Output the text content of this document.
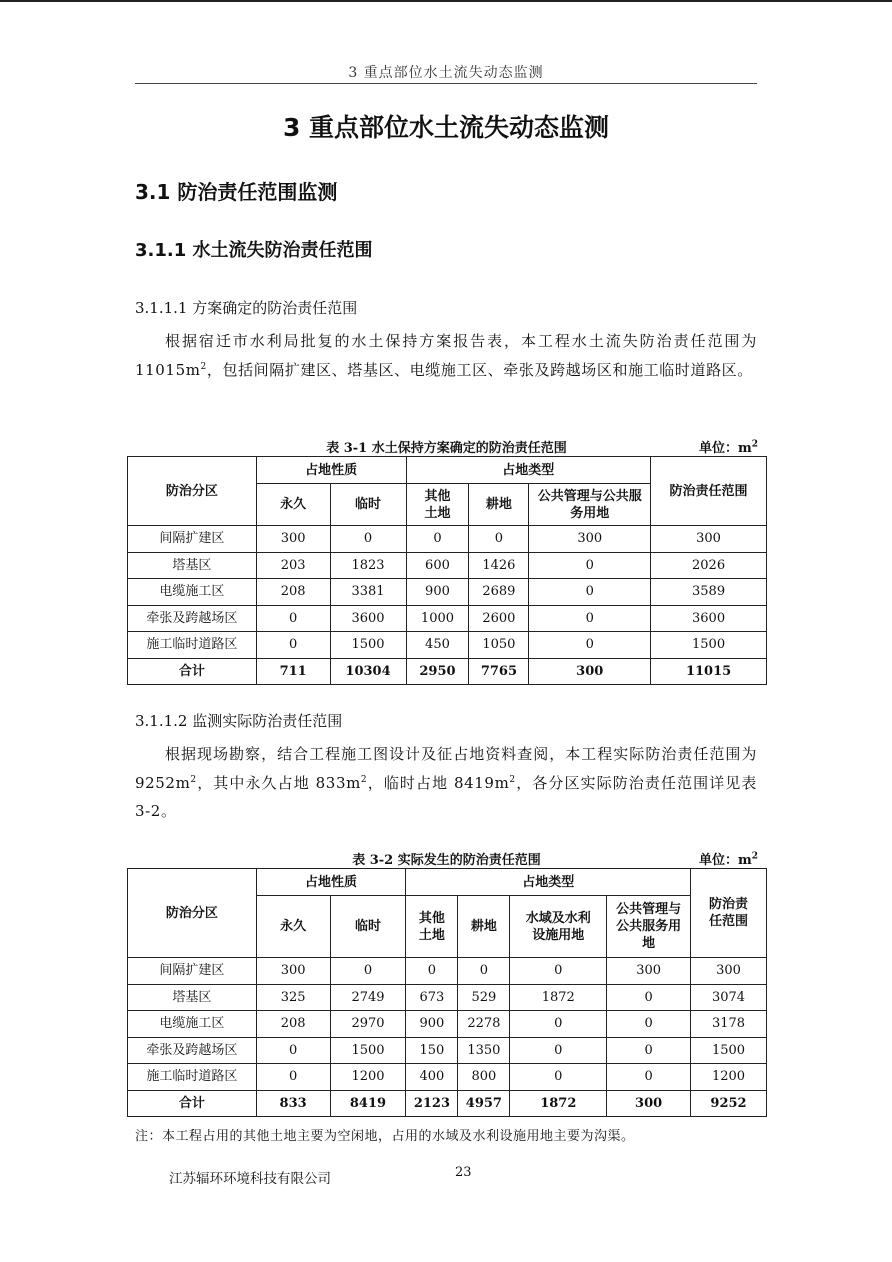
3 重点部位水土流失动态监测
3 重点部位水土流失动态监测
3.1 防治责任范围监测
3.1.1 水土流失防治责任范围
3.1.1.1 方案确定的防治责任范围
根据宿迁市水利局批复的水土保持方案报告表，本工程水土流失防治责任范围为 $11015m^2$，包括间隔扩建区、塔基区、电缆施工区、牵张及跨越场区和施工临时道路区。
表 3-1 水土保持方案确定的防治责任范围	单位：$m^2$
防治分区	占地性质		占地类型			防治责任范围
	永久	临时	其他土地	耕地	公共管理与公共服务用地	
间隔扩建区	300	0	0	0	300	300
塔基区	203	1823	600	1426	0	2026
电缆施工区	208	3381	900	2689	0	3589
牵张及跨越场区	0	3600	1000	2600	0	3600
施工临时道路区	0	1500	450	1050	0	1500
合计	711	10304	2950	7765	300	11015
3.1.1.2 监测实际防治责任范围
根据现场勘察，结合工程施工图设计及征占地资料查阅，本工程实际防治责任范围为 $9252m^2$，其中永久占地 $833m^2$，临时占地 $8419m^2$，各分区实际防治责任范围详见表 3-2。
表 3-2 实际发生的防治责任范围	单位：$m^2$
防治分区	占地性质		占地类型				防治责任范围
	永久	临时	其他土地	耕地	水域及水利设施用地	公共管理与公共服务用地	
间隔扩建区	300	0	0	0	0	300	300
塔基区	325	2749	673	529	1872	0	3074
电缆施工区	208	2970	900	2278	0	0	3178
牵张及跨越场区	0	1500	150	1350	0	0	1500
施工临时道路区	0	1200	400	800	0	0	1200
合计	833	8419	2123	4957	1872	300	9252
注：本工程占用的其他土地主要为空闲地，占用的水域及水利设施用地主要为沟渠。
江苏辐环环境科技有限公司	23
